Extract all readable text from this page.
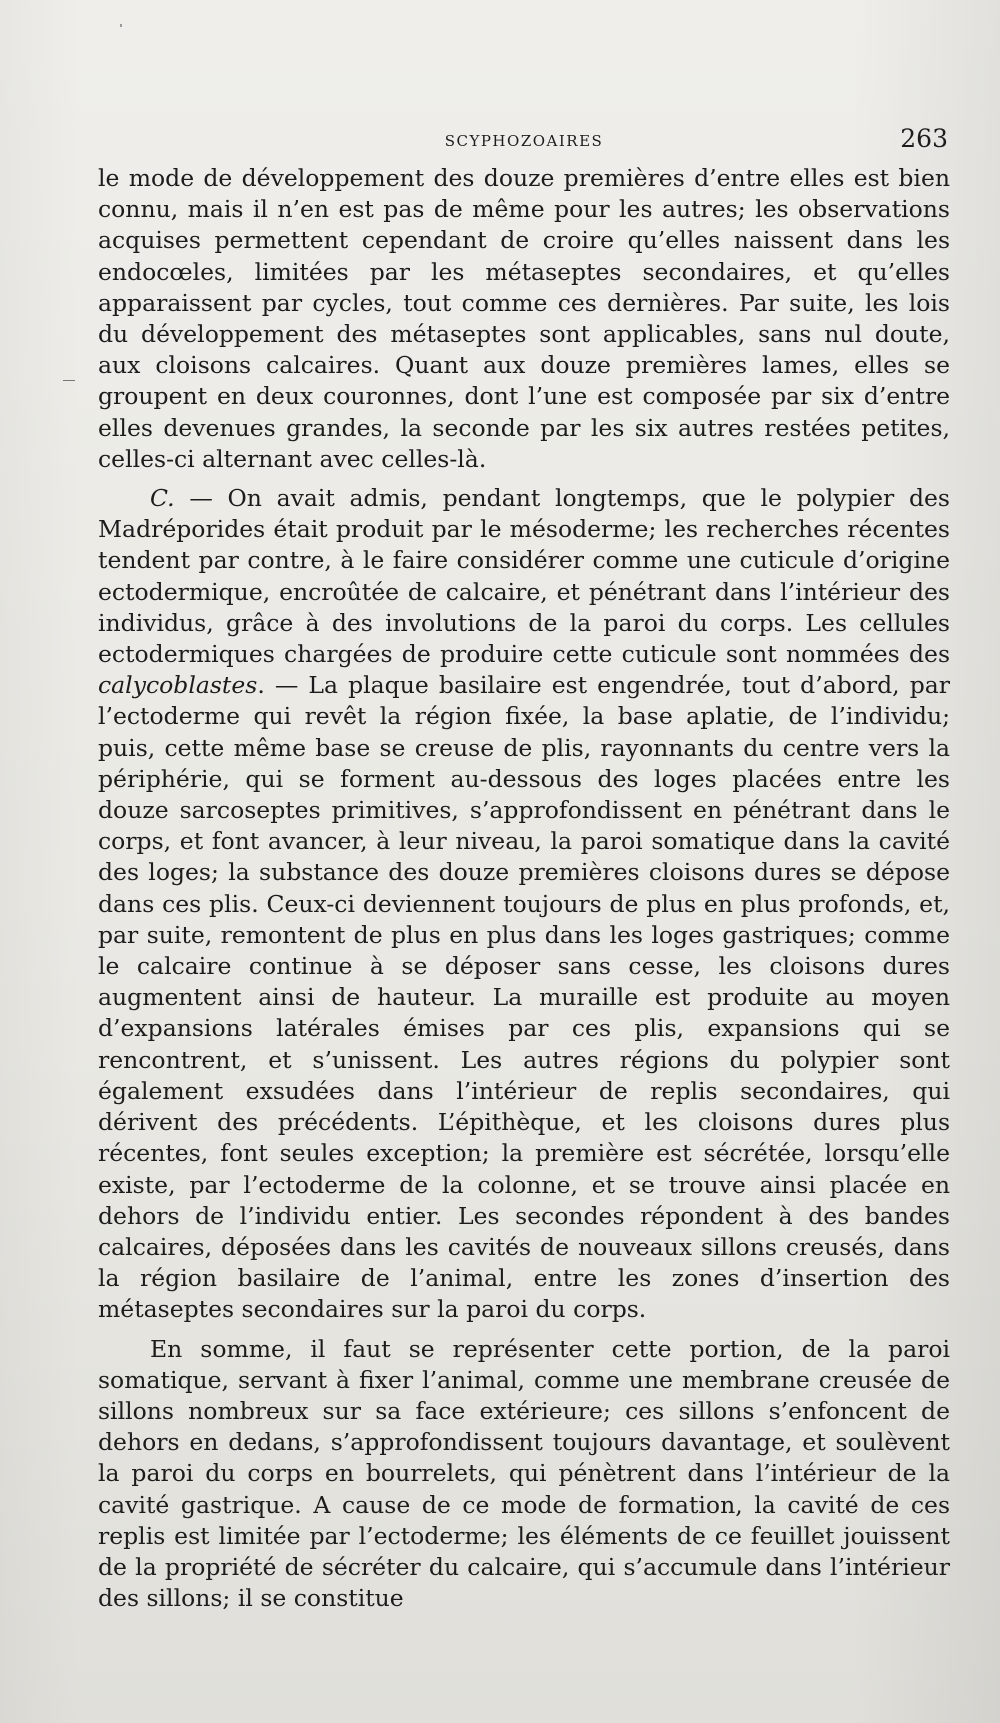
SCYPHOZOAIRES	263

le mode de développement des douze premières d’entre elles est bien connu, mais il n’en est pas de même pour les autres; les observations acquises permettent cependant de croire qu’elles naissent dans les endocœles, limitées par les métaseptes secondaires, et qu’elles apparaissent par cycles, tout comme ces dernières. Par suite, les lois du développement des métaseptes sont applicables, sans nul doute, aux cloisons calcaires. Quant aux douze premières lames, elles se groupent en deux couronnes, dont l’une est composée par six d’entre elles devenues grandes, la seconde par les six autres restées petites, celles-ci alternant avec celles-là.

C. — On avait admis, pendant longtemps, que le polypier des Madréporides était produit par le mésoderme; les recherches récentes tendent par contre, à le faire considérer comme une cuticule d’origine ectodermique, encroûtée de calcaire, et pénétrant dans l’intérieur des individus, grâce à des involutions de la paroi du corps. Les cellules ectodermiques chargées de produire cette cuticule sont nommées des calycoblastes. — La plaque basilaire est engendrée, tout d’abord, par l’ectoderme qui revêt la région fixée, la base aplatie, de l’individu; puis, cette même base se creuse de plis, rayonnants du centre vers la périphérie, qui se forment au-dessous des loges placées entre les douze sarcoseptes primitives, s’approfondissent en pénétrant dans le corps, et font avancer, à leur niveau, la paroi somatique dans la cavité des loges; la substance des douze premières cloisons dures se dépose dans ces plis. Ceux-ci deviennent toujours de plus en plus profonds, et, par suite, remontent de plus en plus dans les loges gastriques; comme le calcaire continue à se déposer sans cesse, les cloisons dures augmentent ainsi de hauteur. La muraille est produite au moyen d’expansions latérales émises par ces plis, expansions qui se rencontrent, et s’unissent. Les autres régions du polypier sont également exsudées dans l’intérieur de replis secondaires, qui dérivent des précédents. L’épithèque, et les cloisons dures plus récentes, font seules exception; la première est sécrétée, lorsqu’elle existe, par l’ectoderme de la colonne, et se trouve ainsi placée en dehors de l’individu entier. Les secondes répondent à des bandes calcaires, déposées dans les cavités de nouveaux sillons creusés, dans la région basilaire de l’animal, entre les zones d’insertion des métaseptes secondaires sur la paroi du corps.

En somme, il faut se représenter cette portion, de la paroi somatique, servant à fixer l’animal, comme une membrane creusée de sillons nombreux sur sa face extérieure; ces sillons s’enfoncent de dehors en dedans, s’approfondissent toujours davantage, et soulèvent la paroi du corps en bourrelets, qui pénètrent dans l’intérieur de la cavité gastrique. A cause de ce mode de formation, la cavité de ces replis est limitée par l’ectoderme; les éléments de ce feuillet jouissent de la propriété de sécréter du calcaire, qui s’accumule dans l’intérieur des sillons; il se constitue
